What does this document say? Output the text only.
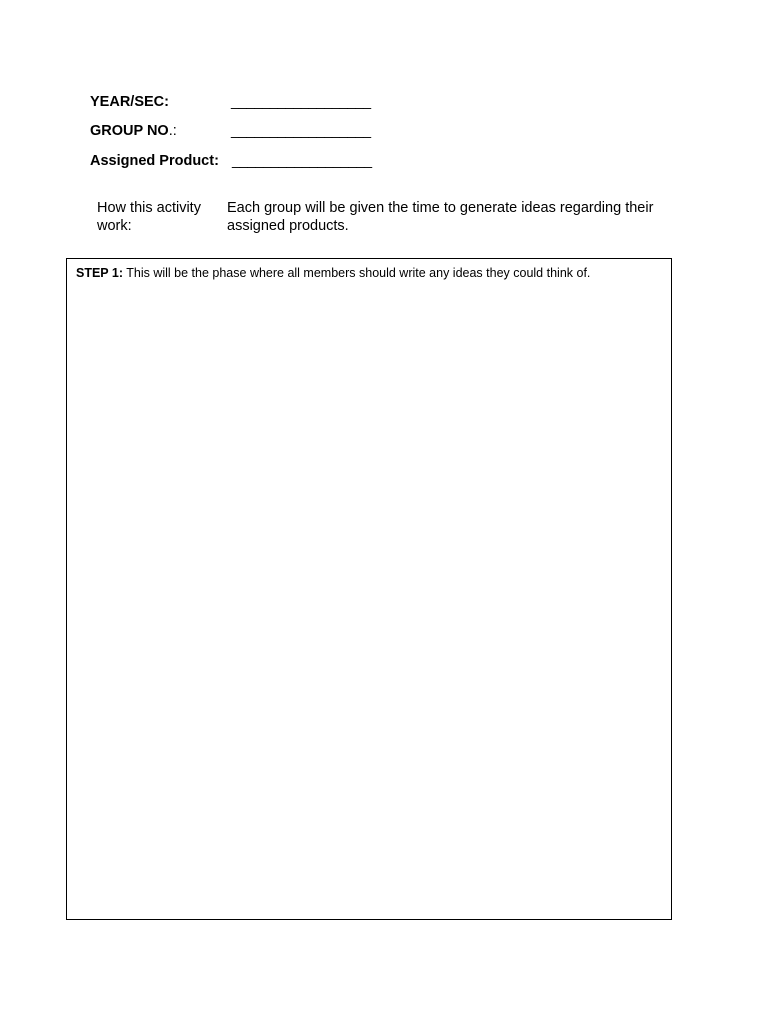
YEAR/SEC:	__________________
GROUP NO.:	__________________
Assigned Product: __________________
How this activity work:
Each group will be given the time to generate ideas regarding their assigned products.
STEP 1: This will be the phase where all members should write any ideas they could think of.
